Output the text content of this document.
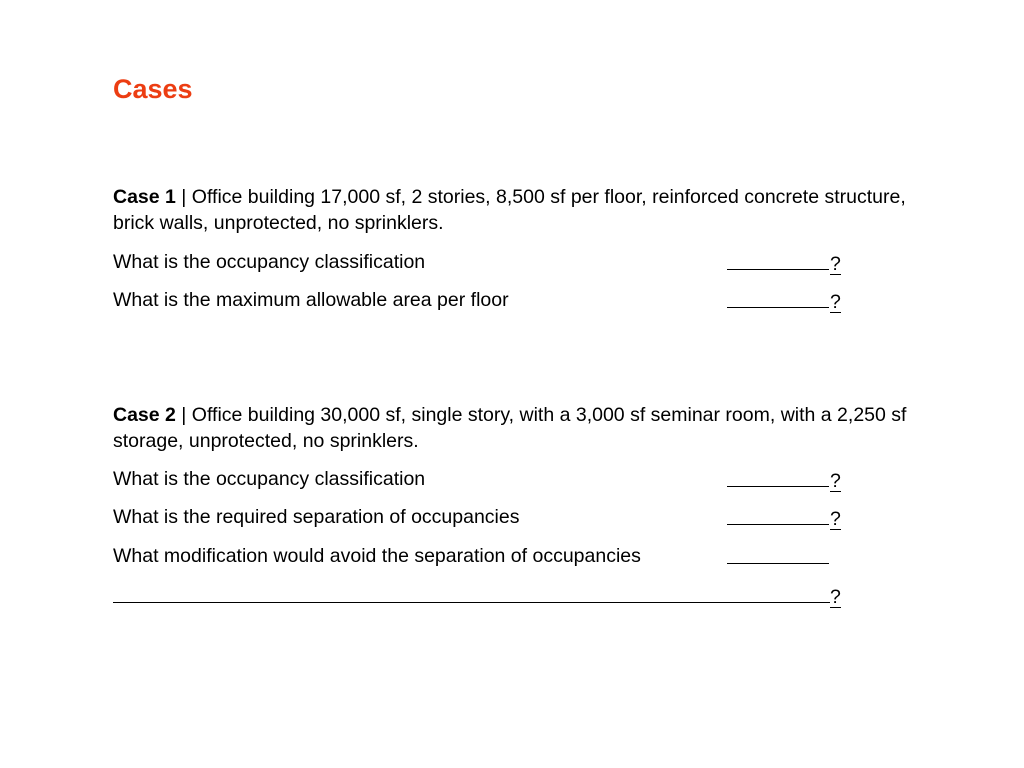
Cases
Case 1 | Office building 17,000 sf, 2 stories, 8,500 sf per floor, reinforced concrete structure, brick walls, unprotected, no sprinklers.
What is the occupancy classification	?
What is the maximum allowable area per floor	?
Case 2 | Office building 30,000 sf, single story, with a 3,000 sf seminar room, with a 2,250 sf storage, unprotected, no sprinklers.
What is the occupancy classification	?
What is the required separation of occupancies	?
What modification would avoid the separation of occupancies
?
